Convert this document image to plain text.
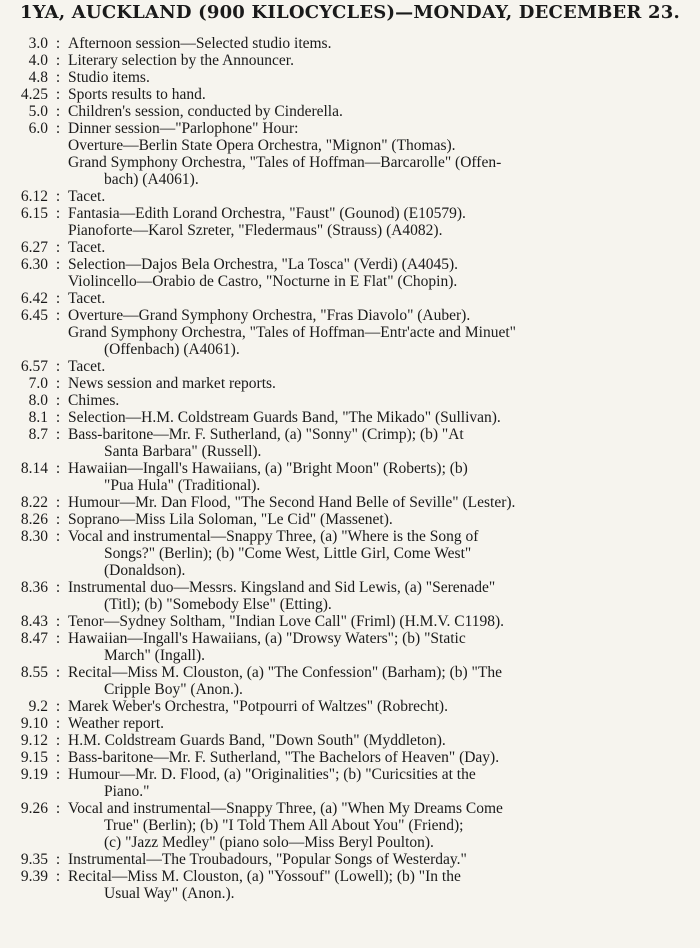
1YA, AUCKLAND (900 KILOCYCLES)—MONDAY, DECEMBER 23.
3.0 : Afternoon session—Selected studio items.
4.0 : Literary selection by the Announcer.
4.8 : Studio items.
4.25 : Sports results to hand.
5.0 : Children's session, conducted by Cinderella.
6.0 : Dinner session—"Parlophone" Hour:
Overture—Berlin State Opera Orchestra, "Mignon" (Thomas).
Grand Symphony Orchestra, "Tales of Hoffman—Barcarolle" (Offen-
bach) (A4061).
6.12 : Tacet.
6.15 : Fantasia—Edith Lorand Orchestra, "Faust" (Gounod) (E10579).
Pianoforte—Karol Szreter, "Fledermaus" (Strauss) (A4082).
6.27 : Tacet.
6.30 : Selection—Dajos Bela Orchestra, "La Tosca" (Verdi) (A4045).
Violincello—Orabio de Castro, "Nocturne in E Flat" (Chopin).
6.42 : Tacet.
6.45 : Overture—Grand Symphony Orchestra, "Fras Diavolo" (Auber).
Grand Symphony Orchestra, "Tales of Hoffman—Entr'acte and Minuet"
(Offenbach) (A4061).
6.57 : Tacet.
7.0 : News session and market reports.
8.0 : Chimes.
8.1 : Selection—H.M. Coldstream Guards Band, "The Mikado" (Sullivan).
8.7 : Bass-baritone—Mr. F. Sutherland, (a) "Sonny" (Crimp); (b) "At
Santa Barbara" (Russell).
8.14 : Hawaiian—Ingall's Hawaiians, (a) "Bright Moon" (Roberts); (b)
"Pua Hula" (Traditional).
8.22 : Humour—Mr. Dan Flood, "The Second Hand Belle of Seville" (Lester).
8.26 : Soprano—Miss Lila Soloman, "Le Cid" (Massenet).
8.30 : Vocal and instrumental—Snappy Three, (a) "Where is the Song of
Songs?" (Berlin); (b) "Come West, Little Girl, Come West"
(Donaldson).
8.36 : Instrumental duo—Messrs. Kingsland and Sid Lewis, (a) "Serenade"
(Titl); (b) "Somebody Else" (Etting).
8.43 : Tenor—Sydney Soltham, "Indian Love Call" (Friml) (H.M.V. C1198).
8.47 : Hawaiian—Ingall's Hawaiians, (a) "Drowsy Waters"; (b) "Static
March" (Ingall).
8.55 : Recital—Miss M. Clouston, (a) "The Confession" (Barham); (b) "The
Cripple Boy" (Anon.).
9.2 : Marek Weber's Orchestra, "Potpourri of Waltzes" (Robrecht).
9.10 : Weather report.
9.12 : H.M. Coldstream Guards Band, "Down South" (Myddleton).
9.15 : Bass-baritone—Mr. F. Sutherland, "The Bachelors of Heaven" (Day).
9.19 : Humour—Mr. D. Flood, (a) "Originalities"; (b) "Curicsities at the
Piano."
9.26 : Vocal and instrumental—Snappy Three, (a) "When My Dreams Come
True" (Berlin); (b) "I Told Them All About You" (Friend);
(c) "Jazz Medley" (piano solo—Miss Beryl Poulton).
9.35 : Instrumental—The Troubadours, "Popular Songs of Westerday."
9.39 : Recital—Miss M. Clouston, (a) "Yossouf" (Lowell); (b) "In the
Usual Way" (Anon.).
